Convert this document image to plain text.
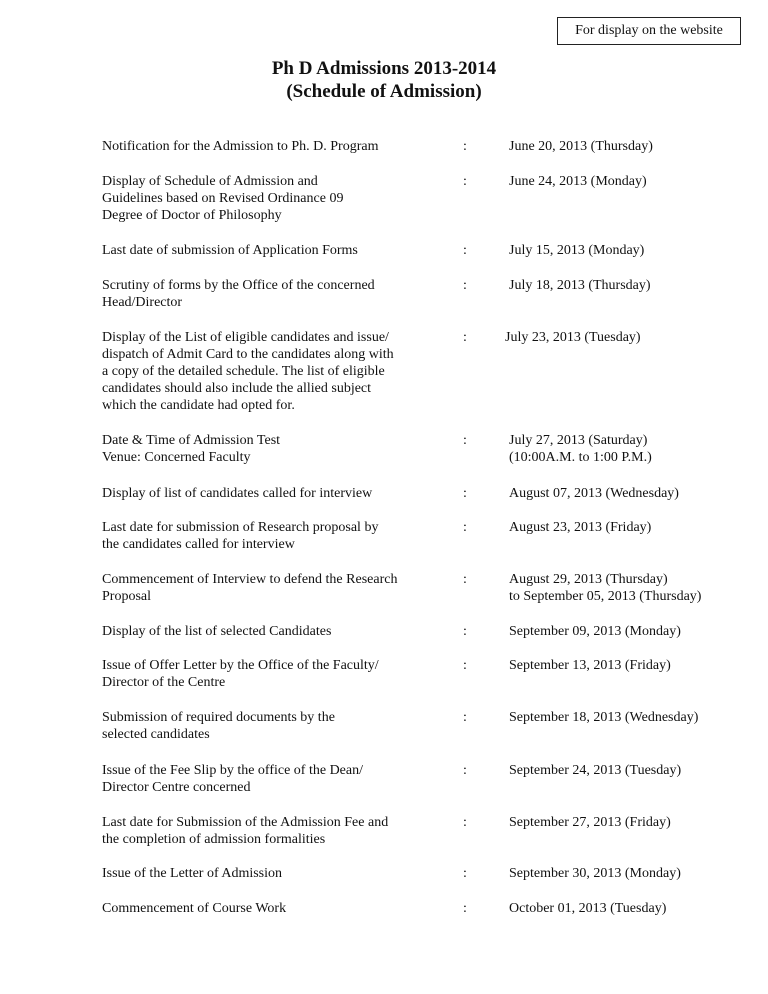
For display on the website
Ph D Admissions 2013-2014
(Schedule of Admission)
Notification for the Admission to Ph. D. Program	:	June 20, 2013 (Thursday)
Display of Schedule of Admission and
Guidelines based on Revised Ordinance 09
Degree of Doctor of Philosophy
:	June 24, 2013 (Monday)
Last date of submission of Application Forms	:	July 15, 2013 (Monday)
Scrutiny of forms by the Office of the concerned
Head/Director
:	July 18, 2013 (Thursday)
Display of the List of eligible candidates and issue/
dispatch of Admit Card to the candidates along with
a copy of the detailed schedule. The list of eligible
candidates should also include the allied subject
which the candidate had opted for.
:	July 23, 2013 (Tuesday)
Date & Time of Admission Test
Venue: Concerned Faculty
:	July 27, 2013 (Saturday)
(10:00A.M. to 1:00 P.M.)
Display of list of candidates called for interview	:	August 07, 2013 (Wednesday)
Last date for submission of Research proposal by
the candidates called for interview
:	August 23, 2013 (Friday)
Commencement of Interview to defend the Research
Proposal
:	August 29, 2013 (Thursday)
to September 05, 2013 (Thursday)
Display of the list of selected Candidates	:	September 09, 2013 (Monday)
Issue of Offer Letter by the Office of the Faculty/
Director of the Centre
:	September 13, 2013 (Friday)
Submission of required documents by the
selected candidates
:	September 18, 2013 (Wednesday)
Issue of the Fee Slip by the office of the Dean/
Director Centre concerned
:	September 24, 2013 (Tuesday)
Last date for Submission of the Admission Fee and
the completion of admission formalities
:	September 27, 2013 (Friday)
Issue of the Letter of Admission	:	September 30, 2013 (Monday)
Commencement of Course Work	:	October 01, 2013 (Tuesday)
